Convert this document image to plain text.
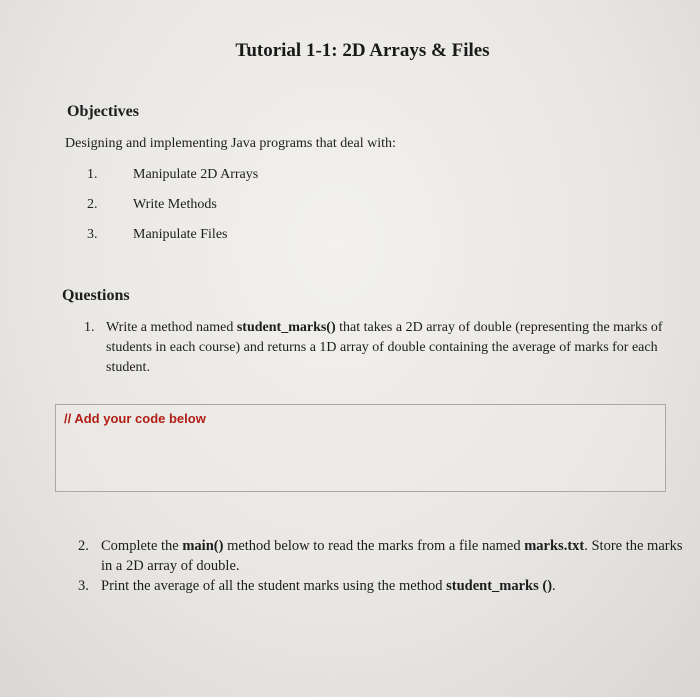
Tutorial 1-1: 2D Arrays & Files
Objectives
Designing and implementing Java programs that deal with:
1.	Manipulate 2D Arrays
2.	Write Methods
3.	Manipulate Files
Questions
1. Write a method named student_marks() that takes a 2D array of double (representing the marks of students in each course) and returns a 1D array of double containing the average of marks for each student.
// Add your code below
2. Complete the main() method below to read the marks from a file named marks.txt. Store the marks in a 2D array of double.
3. Print the average of all the student marks using the method student_marks ().
